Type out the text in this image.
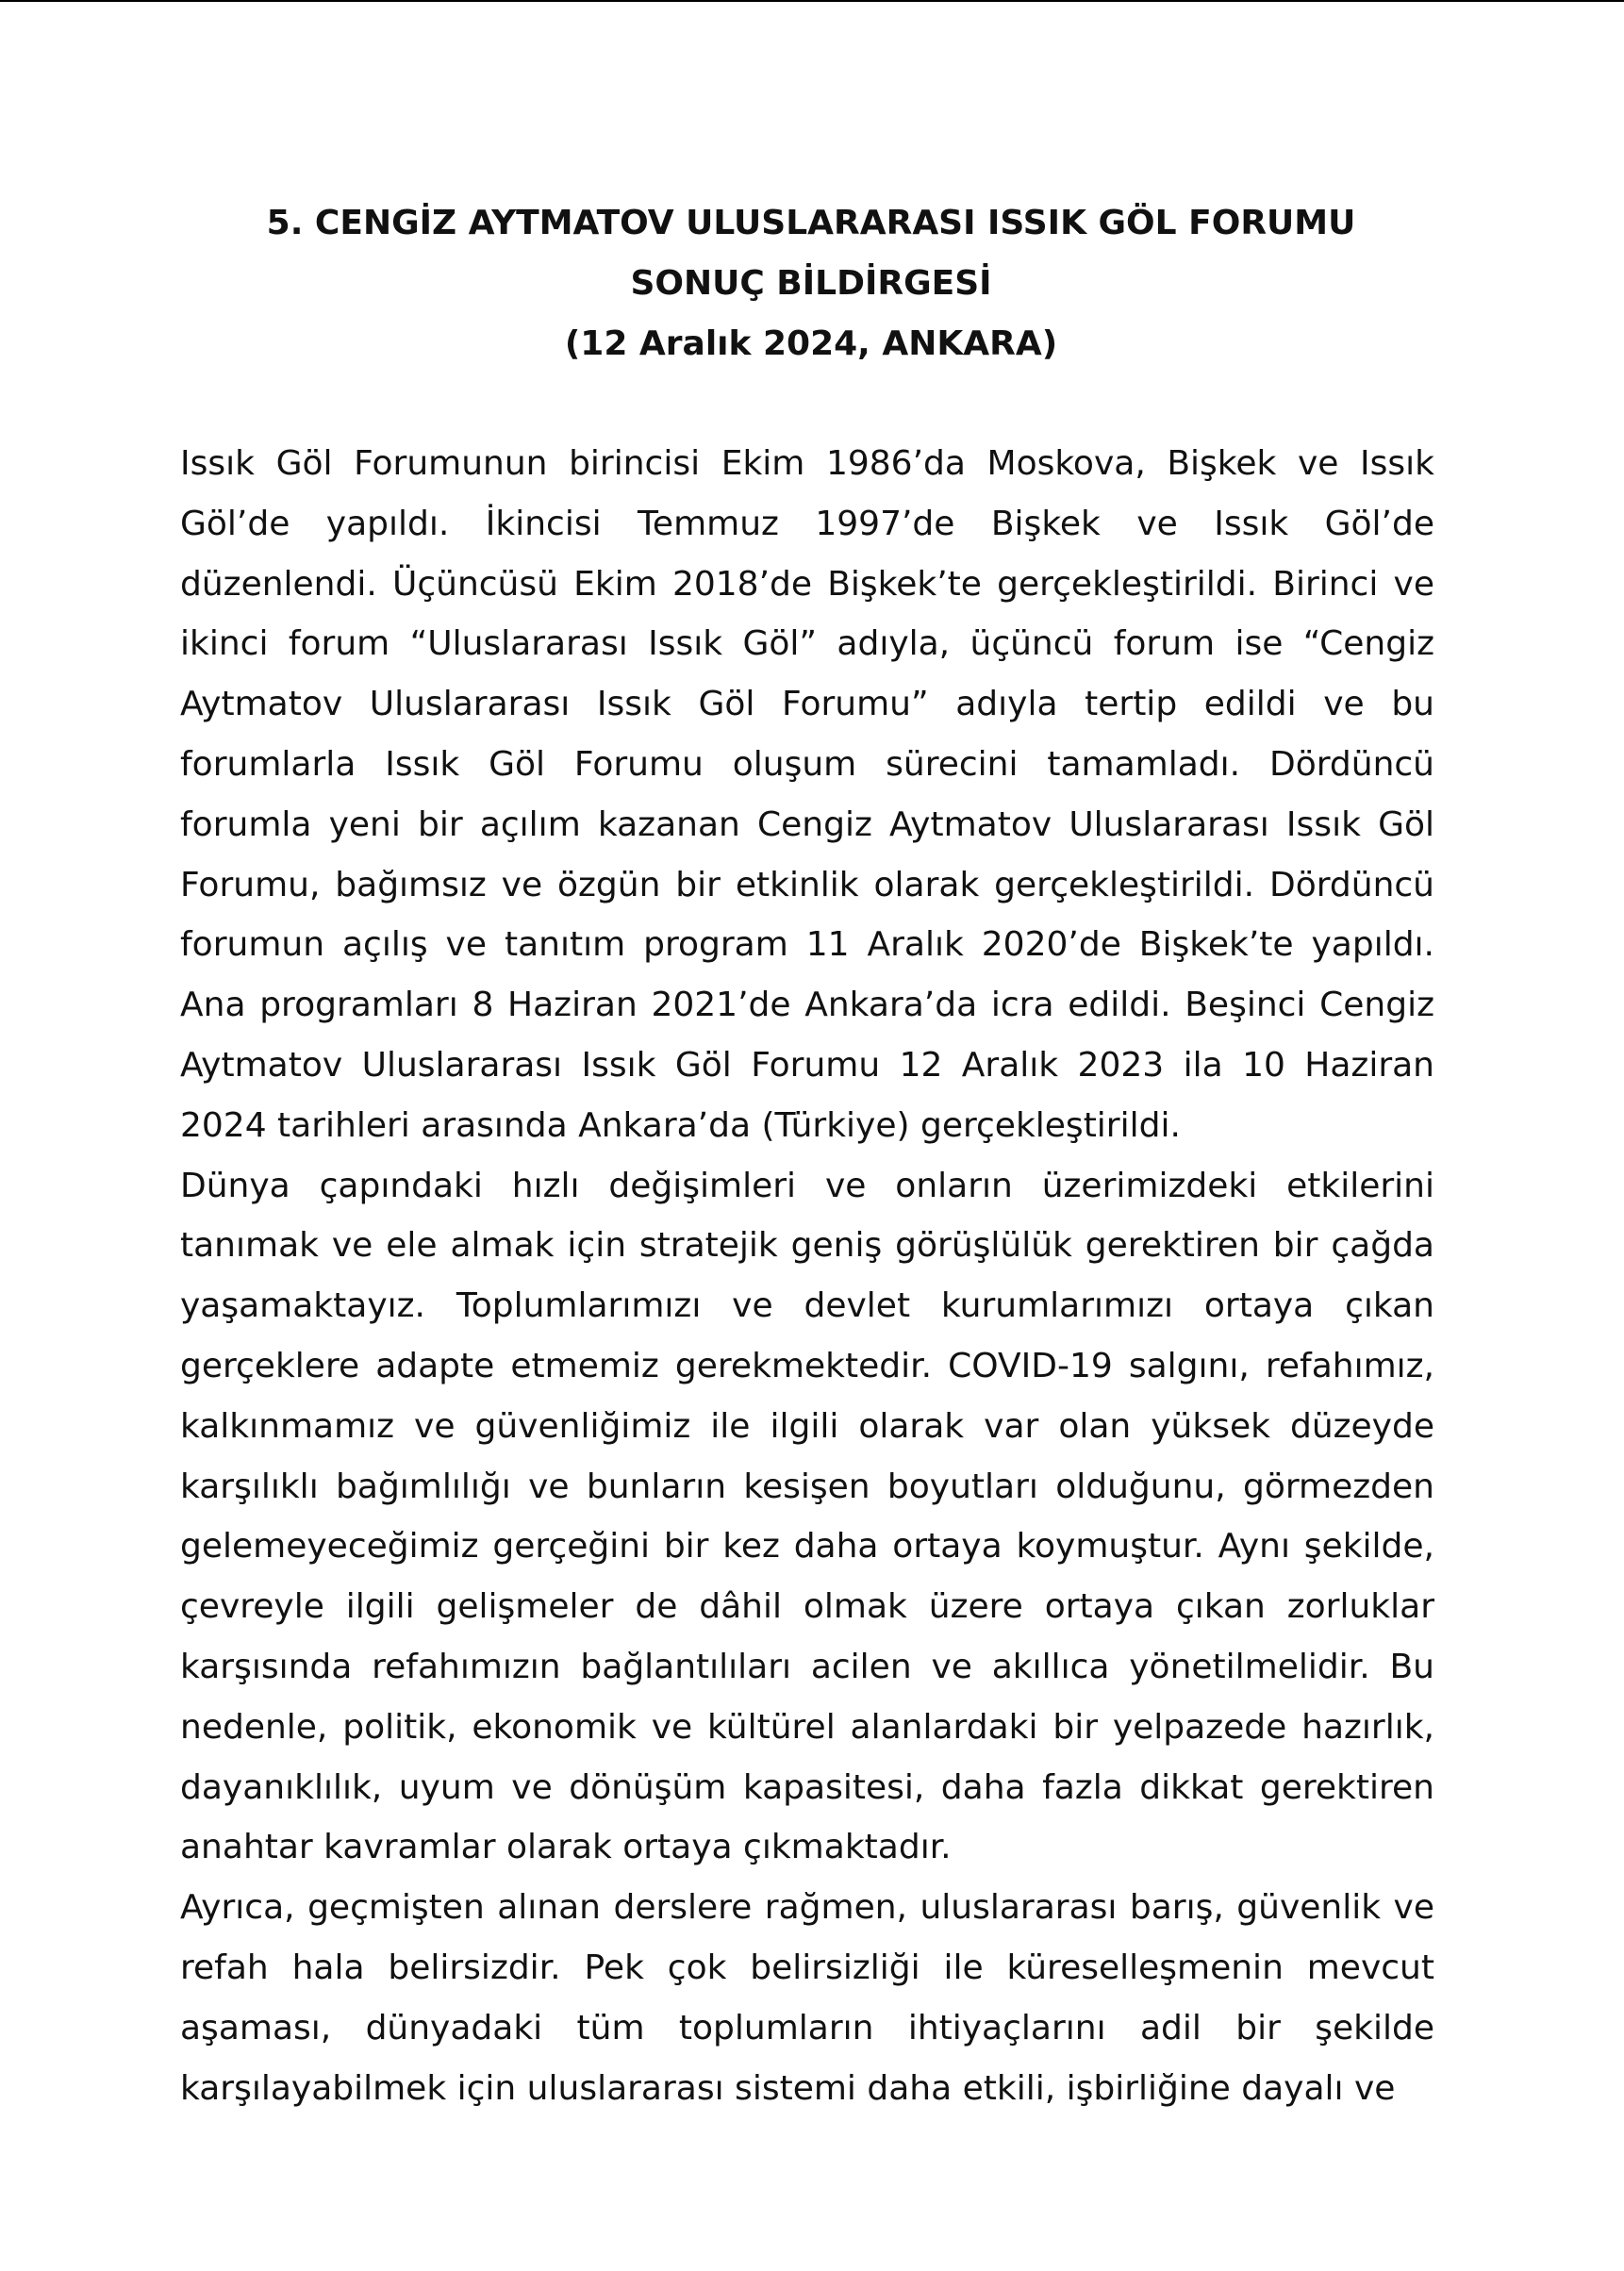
5. CENGİZ AYTMATOV ULUSLARARASI ISSIK GÖL FORUMU
SONUÇ BİLDİRGESİ
(12 Aralık 2024, ANKARA)

Issık Göl Forumunun birincisi Ekim 1986’da Moskova, Bişkek ve Issık Göl’de yapıldı. İkincisi Temmuz 1997’de Bişkek ve Issık Göl’de düzenlendi. Üçüncüsü Ekim 2018’de Bişkek’te gerçekleştirildi. Birinci ve ikinci forum “Uluslararası Issık Göl” adıyla, üçüncü forum ise “Cengiz Aytmatov Uluslararası Issık Göl Forumu” adıyla tertip edildi ve bu forumlarla Issık Göl Forumu oluşum sürecini tamamladı. Dördüncü forumla yeni bir açılım kazanan Cengiz Aytmatov Uluslararası Issık Göl Forumu, bağımsız ve özgün bir etkinlik olarak gerçekleştirildi. Dördüncü forumun açılış ve tanıtım program 11 Aralık 2020’de Bişkek’te yapıldı. Ana programları 8 Haziran 2021’de Ankara’da icra edildi. Beşinci Cengiz Aytmatov Uluslararası Issık Göl Forumu 12 Aralık 2023 ila 10 Haziran 2024 tarihleri arasında Ankara’da (Türkiye) gerçekleştirildi.

Dünya çapındaki hızlı değişimleri ve onların üzerimizdeki etkilerini tanımak ve ele almak için stratejik geniş görüşlülük gerektiren bir çağda yaşamaktayız. Toplumlarımızı ve devlet kurumlarımızı ortaya çıkan gerçeklere adapte etmemiz gerekmektedir. COVID-19 salgını, refahımız, kalkınmamız ve güvenliğimiz ile ilgili olarak var olan yüksek düzeyde karşılıklı bağımlılığı ve bunların kesişen boyutları olduğunu, görmezden gelemeyeceğimiz gerçeğini bir kez daha ortaya koymuştur. Aynı şekilde, çevreyle ilgili gelişmeler de dâhil olmak üzere ortaya çıkan zorluklar karşısında refahımızın bağlantılıları acilen ve akıllıca yönetilmelidir. Bu nedenle, politik, ekonomik ve kültürel alanlardaki bir yelpazede hazırlık, dayanıklılık, uyum ve dönüşüm kapasitesi, daha fazla dikkat gerektiren anahtar kavramlar olarak ortaya çıkmaktadır.

Ayrıca, geçmişten alınan derslere rağmen, uluslararası barış, güvenlik ve refah hala belirsizdir. Pek çok belirsizliği ile küreselleşmenin mevcut aşaması, dünyadaki tüm toplumların ihtiyaçlarını adil bir şekilde karşılayabilmek için uluslararası sistemi daha etkili, işbirliğine dayalı ve
